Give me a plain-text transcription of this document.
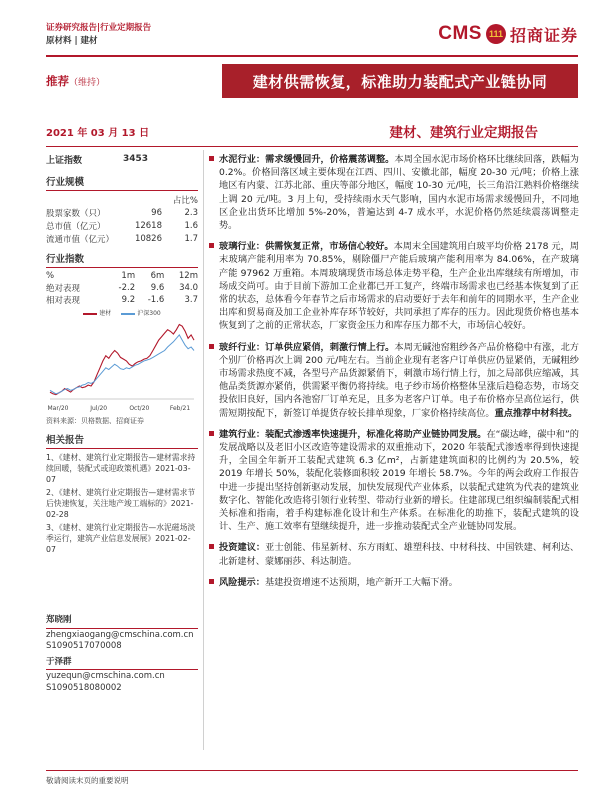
证券研究报告|行业定期报告
原材料 | 建材	CMS 111 招商证券
推荐（维持）	建材供需恢复，标准助力装配式产业链协同
2021 年 03 月 13 日	建材、建筑行业定期报告
上证指数	3453
行业规模
		占比%
股票家数（只）	96	2.3
总市值（亿元）	12618	1.6
流通市值（亿元）	10826	1.7
行业指数
%	1m	6m	12m
绝对表现	-2.2	9.6	34.0
相对表现	9.2	-1.6	3.7
建材	沪深300
Mar/20	Jul/20	Oct/20	Feb/21
资料来源：贝格数据、招商证券
相关报告
1、《建材、建筑行业定期报告—建材需求持续回暖，装配式或迎政策机遇》2021-03-07
2、《建材、建筑行业定期报告—建材需求节后快速恢复，关注地产竣工端标的》2021-02-28
3、《建材、建筑行业定期报告—水泥磁场淡季运行，建筑产业信息发展展》2021-02-07
郑晓刚
zhengxiaogang@cmschina.com.cn
S1090517070008
于泽群
yuzequn@cmschina.com.cn
S1090518080002
水泥行业：需求缓慢回升，价格震荡调整。本周全国水泥市场价格环比继续回落，跌幅为 0.2%。价格回落区域主要体现在江西、四川、安徽北部，幅度 20-30 元/吨；价格上涨地区有内蒙、江苏北部、重庆等部分地区，幅度 10-30 元/吨，长三角沿江熟料价格继续上调 20 元/吨。3 月上旬，受持续雨水天气影响，国内水泥市场需求缓慢回升，不同地区企业出货环比增加 5%-20%，普遍达到 4-7 成水平，水泥价格仍然延续震荡调整走势。
玻璃行业：供需恢复正常，市场信心较好。本周末全国建筑用白玻平均价格 2178 元，周末玻璃产能利用率为 70.85%，剔除僵尸产能后玻璃产能利用率为 84.06%，在产玻璃产能 97962 万重箱。本周玻璃现货市场总体走势平稳，生产企业出库继续有所增加，市场成交尚可。由于目前下游加工企业都已开工复产，终端市场需求也已经基本恢复到了正常的状态，总体看今年春节之后市场需求的启动要好于去年和前年的同期水平，生产企业出库和贸易商及加工企业补库存环节较好，共同承担了库存的压力。因此现货价格也基本恢复到了之前的正常状态，厂家资金压力和库存压力都不大，市场信心较好。
玻纤行业：订单供应紧俏，刺激行情上行。本周无碱池窑粗纱各产品价格稳中有涨，北方个别厂价格再次上调 200 元/吨左右。当前企业现有老客户订单供应仍显紧俏，无碱粗纱市场需求热度不减，各型号产品货源紧俏下，刺激市场行情上行，加之局部供应缩减，其他品类货源亦紧俏，供需紧平衡仍将持续。电子纱市场价格整体呈涨后趋稳态势，市场交投依旧良好，国内各池窑厂订单充足，且多为老客户订单。电子布价格亦呈高位运行，供需短期按配下，新签订单提货存较长排单现象，厂家价格持续高位。重点推荐中材科技。
建筑行业：装配式渗透率快速提升，标准化将助产业链协同发展。在“碳达峰，碳中和”的发展战略以及老旧小区改造等建设需求的双重推动下，2020 年装配式渗透率得到快速提升，全国全年新开工装配式建筑 6.3 亿m²，占新建建筑面积的比例约为 20.5%，较 2019 年增长 50%，装配化装修面积较 2019 年增长 58.7%。今年的两会政府工作报告中进一步提出坚持创新驱动发展，加快发展现代产业体系，以装配式建筑为代表的建筑业数字化、智能化改造将引领行业转型、带动行业新的增长。住建部现已组织编制装配式相关标准和指南，着手构建标准化设计和生产体系。在标准化的助推下，装配式建筑的设计、生产、施工效率有望继续提升，进一步推动装配式全产业链协同发展。
投资建议：亚士创能、伟星新材、东方雨虹、雄塑科技、中材科技、中国铁建、柯利达、北新建材、蒙娜丽莎、科达制造。
风险提示：基建投资增速不达预期，地产新开工大幅下滑。
敬请阅读末页的重要说明
